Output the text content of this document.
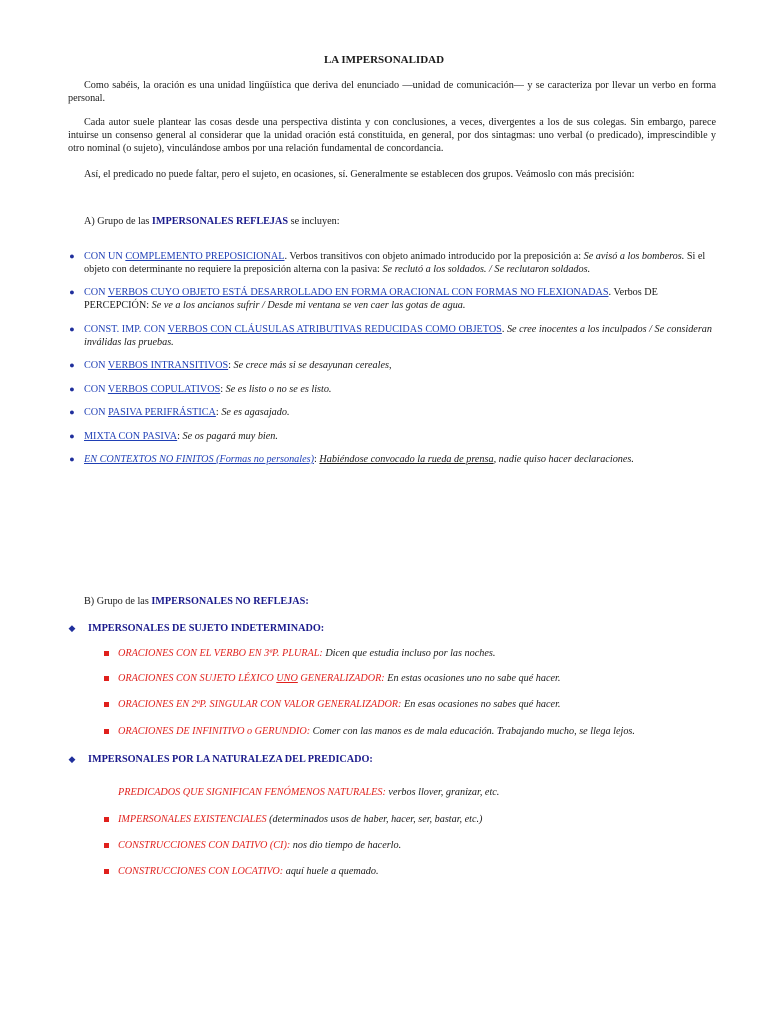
LA IMPERSONALIDAD

Como sabéis, la oración es una unidad lingüística que deriva del enunciado —unidad de comunicación— y se caracteriza por llevar un verbo en forma personal.

Cada autor suele plantear las cosas desde una perspectiva distinta y con conclusiones, a veces, divergentes a los de sus colegas. Sin embargo, parece intuirse un consenso general al considerar que la unidad oración está constituida, en general, por dos sintagmas: uno verbal (o predicado), imprescindible y otro nominal (o sujeto), vinculándose ambos por una relación fundamental de concordancia.

Así, el predicado no puede faltar, pero el sujeto, en ocasiones, sí. Generalmente se establecen dos grupos. Veámoslo con más precisión:

A) Grupo de las IMPERSONALES REFLEJAS se incluyen:

● CON UN COMPLEMENTO PREPOSICIONAL. Verbos transitivos con objeto animado introducido por la preposición a: Se avisó a los bomberos. Si el objeto con determinante no requiere la preposición alterna con la pasiva: Se reclutó a los soldados. / Se reclutaron soldados.

● CON VERBOS CUYO OBJETO ESTÁ DESARROLLADO EN FORMA ORACIONAL CON FORMAS NO FLEXIONADAS. Verbos DE PERCEPCIÓN: Se ve a los ancianos sufrir / Desde mi ventana se ven caer las gotas de agua.

● CONST. IMP. CON VERBOS CON CLÁUSULAS ATRIBUTIVAS REDUCIDAS COMO OBJETOS. Se cree inocentes a los inculpados / Se consideran inválidas las pruebas.

● CON VERBOS INTRANSITIVOS: Se crece más si se desayunan cereales,

● CON VERBOS COPULATIVOS: Se es listo o no se es listo.

● CON PASIVA PERIFRÁSTICA: Se es agasajado.

● MIXTA CON PASIVA: Se os pagará muy bien.

● EN CONTEXTOS NO FINITOS (Formas no personales): Habiéndose convocado la rueda de prensa, nadie quiso hacer declaraciones.

B) Grupo de las IMPERSONALES NO REFLEJAS:

◆ IMPERSONALES DE SUJETO INDETERMINADO:

ORACIONES CON EL VERBO EN 3ªP. PLURAL: Dicen que estudia incluso por las noches.

ORACIONES CON SUJETO LÉXICO UNO GENERALIZADOR: En estas ocasiones uno no sabe qué hacer.

ORACIONES EN 2ªP. SINGULAR CON VALOR GENERALIZADOR: En esas ocasiones no sabes qué hacer.

ORACIONES DE INFINITIVO o GERUNDIO: Comer con las manos es de mala educación. Trabajando mucho, se llega lejos.

◆ IMPERSONALES POR LA NATURALEZA DEL PREDICADO:

PREDICADOS QUE SIGNIFICAN FENÓMENOS NATURALES: verbos llover, granizar, etc.

IMPERSONALES EXISTENCIALES (determinados usos de haber, hacer, ser, bastar, etc.)

CONSTRUCCIONES CON DATIVO (CI): nos dio tiempo de hacerlo.

CONSTRUCCIONES CON LOCATIVO: aquí huele a quemado.
